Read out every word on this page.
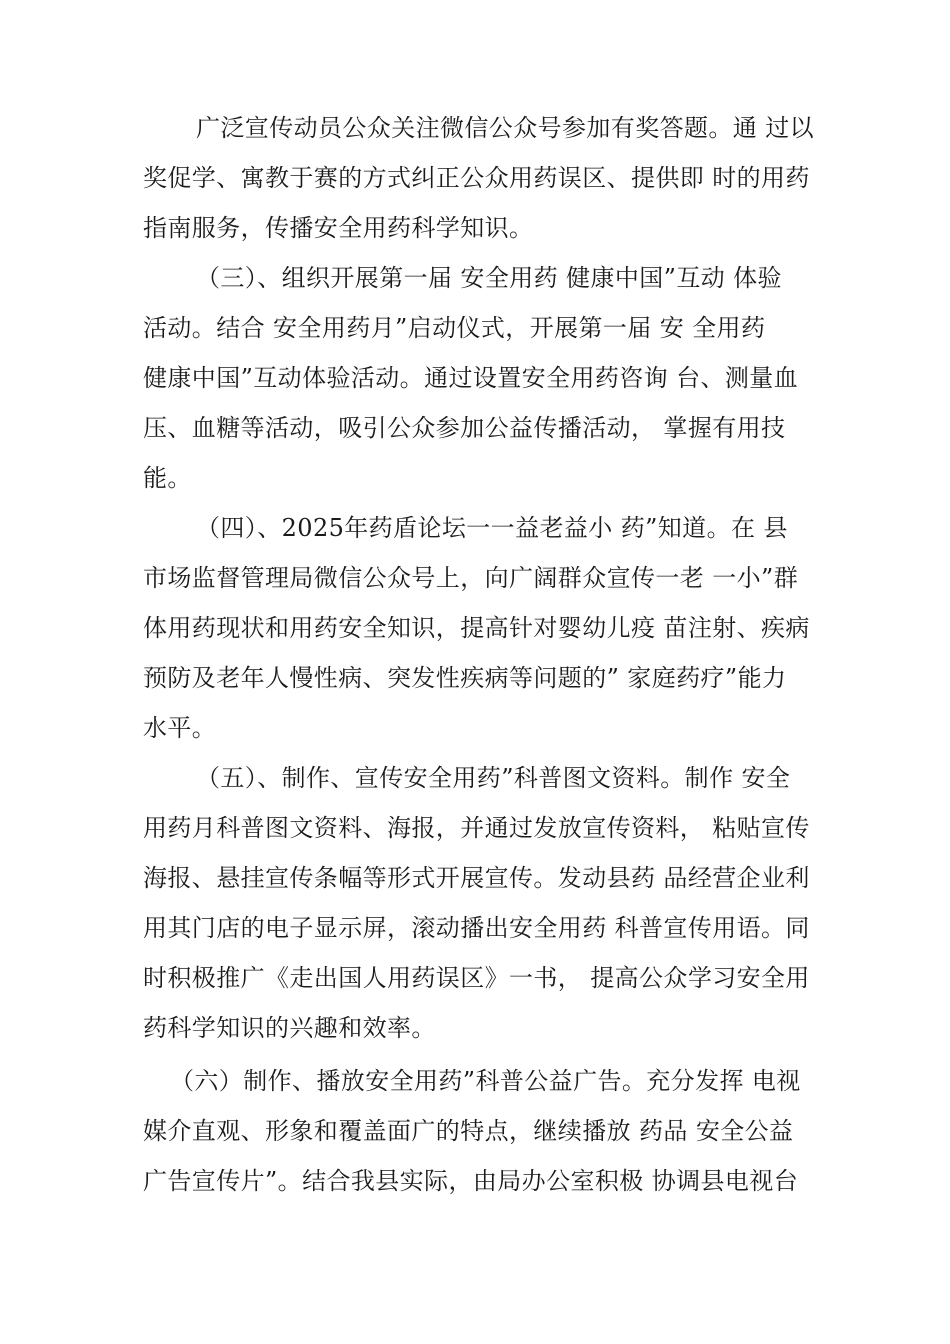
广泛宣传动员公众关注微信公众号参加有奖答题。通 过以
奖促学、寓教于赛的方式纠正公众用药误区、提供即 时的用药
指南服务，传播安全用药科学知识。
（三）、组织开展第一届 安全用药 健康中国”互动 体验
活动。结合 安全用药月”启动仪式，开展第一届 安 全用药
健康中国”互动体验活动。通过设置安全用药咨询 台、测量血
压、血糖等活动，吸引公众参加公益传播活动， 掌握有用技
能。
（四）、2025年药盾论坛一一益老益小 药”知道。在 县
市场监督管理局微信公众号上，向广阔群众宣传一老 一小”群
体用药现状和用药安全知识，提高针对婴幼儿疫 苗注射、疾病
预防及老年人慢性病、突发性疾病等问题的” 家庭药疗”能力
水平。
（五）、制作、宣传安全用药”科普图文资料。制作 安全
用药月科普图文资料、海报，并通过发放宣传资料， 粘贴宣传
海报、悬挂宣传条幅等形式开展宣传。发动县药 品经营企业利
用其门店的电子显示屏，滚动播出安全用药 科普宣传用语。同
时积极推广《走出国人用药误区》一书， 提高公众学习安全用
药科学知识的兴趣和效率。
（六）制作、播放安全用药”科普公益广告。充分发挥 电视
媒介直观、形象和覆盖面广的特点，继续播放 药品 安全公益
广告宣传片”。结合我县实际，由局办公室积极 协调县电视台
